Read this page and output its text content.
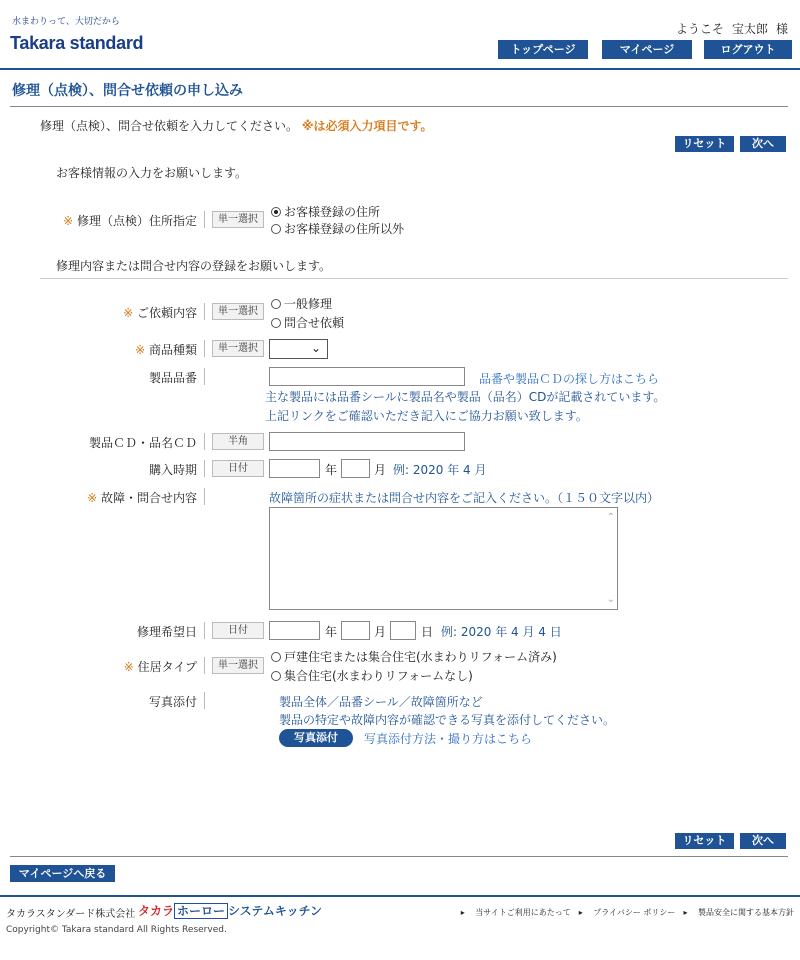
水まわりって、大切だから
Takara standard
ようこそ 宝太郎 様
トップページ	マイページ	ログアウト
修理（点検）、問合せ依頼の申し込み
修理（点検）、問合せ依頼を入力してください。 ※は必須入力項目です。
リセット	次へ
お客様情報の入力をお願いします。
※ 修理（点検）住所指定	単一選択
お客様登録の住所
お客様登録の住所以外
修理内容または問合せ内容の登録をお願いします。
※ ご依頼内容	単一選択
一般修理
問合せ依頼
※ 商品種類	単一選択	⌄
製品品番	品番や製品ＣＤの探し方はこちら
主な製品には品番シールに製品名や製品（品名）CDが記載されています。
上記リンクをご確認いただき記入にご協力お願い致します。
製品ＣＤ・品名ＣＤ	半角
購入時期	日付	年	月 例: 2020 年 4 月
※ 故障・問合せ内容	故障箇所の症状または問合せ内容をご記入ください。（１５０文字以内）
⌃
⌄
修理希望日	日付	年	月	日 例: 2020 年 4 月 4 日
※ 住居タイプ	単一選択
戸建住宅または集合住宅(水まわりリフォーム済み)
集合住宅(水まわりリフォームなし)
写真添付	製品全体／品番シール／故障箇所など
製品の特定や故障内容が確認できる写真を添付してください。
写真添付	写真添付方法・撮り方はこちら
リセット	次へ
マイページへ戻る
タカラスタンダード株式会社 タカラ ホーロー システムキッチン	▸ 当サイトご利用にあたって ▸ プライバシー ポリシー ▸ 製品安全に関する基本方針
Copyright© Takara standard All Rights Reserved.
